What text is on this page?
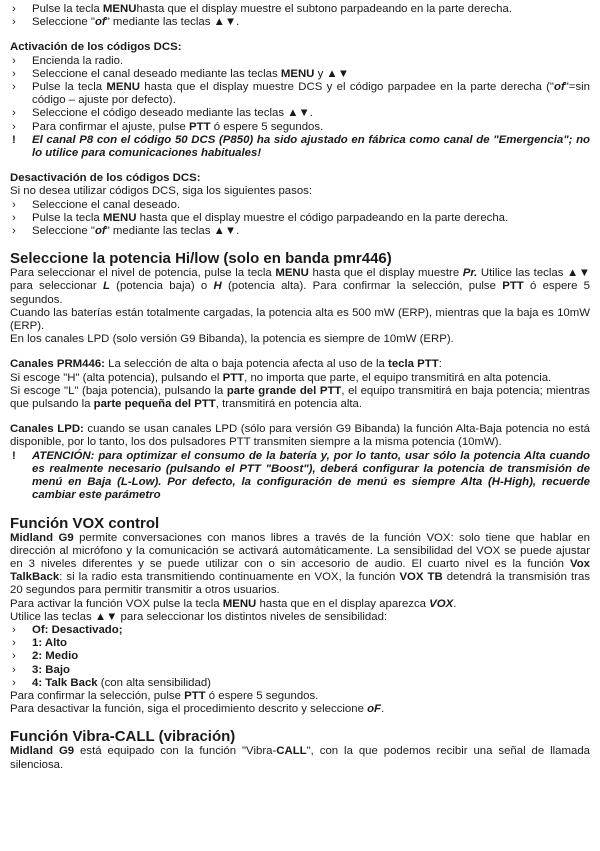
› Pulse la tecla MENUhasta que el display muestre el subtono parpadeando en la parte derecha.

› Seleccione "of" mediante las teclas ▲▼.

Activación de los códigos DCS:

› Encienda la radio.

› Seleccione el canal deseado mediante las teclas MENU y ▲▼

› Pulse la tecla MENU hasta que el display muestre DCS y el código parpadee en la parte derecha ("of"=sin código – ajuste por defecto).

› Seleccione el código deseado mediante las teclas ▲▼.

› Para confirmar el ajuste, pulse PTT ó espere 5 segundos.

! El canal P8 con el código 50 DCS (P850) ha sido ajustado en fábrica como canal de "Emergencia"; no lo utilice para comunicaciones habituales!

Desactivación de los códigos DCS:

Si no desea utilizar códigos DCS, siga los siguientes pasos:

› Seleccione el canal deseado.

› Pulse la tecla MENU hasta que el display muestre el código parpadeando en la parte derecha.

› Seleccione "of" mediante las teclas ▲▼.

Seleccione la potencia Hi/low (solo en banda pmr446)

Para seleccionar el nivel de potencia, pulse la tecla MENU hasta que el display muestre Pr. Utilice las teclas ▲▼ para seleccionar L (potencia baja) o H (potencia alta). Para confirmar la selección, pulse PTT ó espere 5 segundos.

Cuando las baterías están totalmente cargadas, la potencia alta es 500 mW (ERP), mientras que la baja es 10mW (ERP).

En los canales LPD (solo versión G9 Bibanda), la potencia es siempre de 10mW (ERP).

Canales PRM446: La selección de alta o baja potencia afecta al uso de la tecla PTT:

Si escoge "H" (alta potencia), pulsando el PTT, no importa que parte, el equipo transmitirá en alta potencia.

Si escoge "L" (baja potencia), pulsando la parte grande del PTT, el equipo transmitirá en baja potencia; mientras que pulsando la parte pequeña del PTT, transmitirá en potencia alta.

Canales LPD: cuando se usan canales LPD (sólo para versión G9 Bibanda) la función Alta-Baja potencia no está disponible, por lo tanto, los dos pulsadores PTT transmiten siempre a la misma potencia (10mW).

! ATENCIÓN: para optimizar el consumo de la batería y, por lo tanto, usar sólo la potencia Alta cuando es realmente necesario (pulsando el PTT "Boost"), deberá configurar la potencia de transmisión de menú en Baja (L-Low). Por defecto, la configuración de menú es siempre Alta (H-High), recuerde cambiar este parámetro
Función VOX control

Midland G9 permite conversaciones con manos libres a través de la función VOX: solo tiene que hablar en dirección al micrófono y la comunicación se activará automáticamente. La sensibilidad del VOX se puede ajustar en 3 niveles diferentes y se puede utilizar con o sin accesorio de audio. El cuarto nivel es la función Vox TalkBack: si la radio esta transmitiendo continuamente en VOX, la función VOX TB detendrá la transmisión tras 20 segundos para permitir transmitir a otros usuarios.

Para activar la función VOX pulse la tecla MENU hasta que en el display aparezca VOX.

Utilice las teclas ▲▼ para seleccionar los distintos niveles de sensibilidad:

› Of: Desactivado;

› 1: Alto

› 2: Medio

› 3: Bajo

› 4: Talk Back (con alta sensibilidad)

Para confirmar la selección, pulse PTT ó espere 5 segundos.

Para desactivar la función, siga el procedimiento descrito y seleccione oF.

Función Vibra-CALL (vibración)

Midland G9 está equipado con la función "Vibra-CALL", con la que podemos recibir una señal de llamada silenciosa.
